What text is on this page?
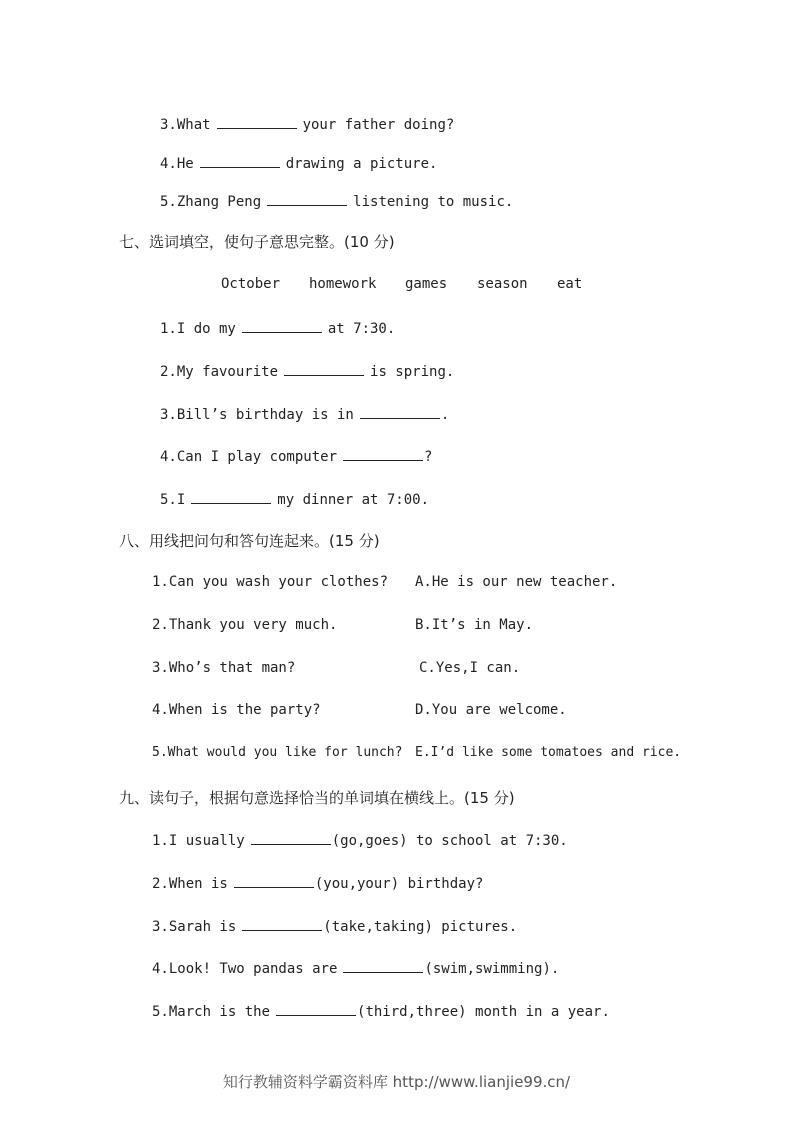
3.What	your father doing?
4.He	drawing a picture.
5.Zhang Peng	listening to music.
七、选词填空，使句子意思完整。(10 分)
October homework games season eat
1.I do my	at 7:30.
2.My favourite	is spring.
3.Bill’s birthday is in	.
4.Can I play computer	?
5.I	my dinner at 7:00.
八、用线把问句和答句连起来。(15 分)
1.Can you wash your clothes? A.He is our new teacher.
2.Thank you very much.	B.It’s in May.
3.Who’s that man?	C.Yes,I can.
4.When is the party?	D.You are welcome.
5.What would you like for lunch? E.I’d like some tomatoes and rice.
九、读句子，根据句意选择恰当的单词填在横线上。(15 分)
1.I usually	(go,goes) to school at 7:30.
2.When is	(you,your) birthday?
3.Sarah is	(take,taking) pictures.
4.Look! Two pandas are	(swim,swimming).
5.March is the	(third,three) month in a year.
知行教辅资料学霸资料库 http://www.lianjie99.cn/
